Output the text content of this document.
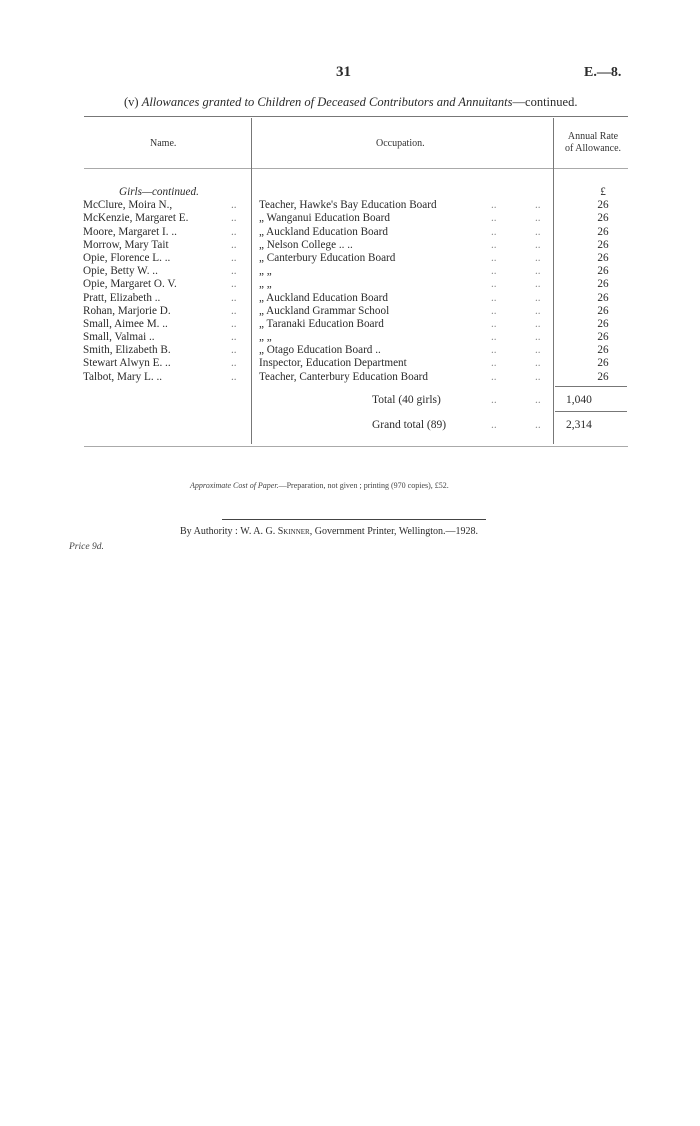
31	E.—8.
(v) Allowances granted to Children of Deceased Contributors and Annuitants—continued.
Name.	Occupation.
Annual Rate
of Allowance.
Girls—continued.	£
McClure, Moira N.,	.. Teacher, Hawke's Bay Education Board	..	..	26
McKenzie, Margaret E.	.. „ Wanganui Education Board	..	..	26
Moore, Margaret I. ..	.. „ Auckland Education Board	..	..	26
Morrow, Mary Tait	.. „ Nelson College .. ..	..	..	26
Opie, Florence L. ..	.. „ Canterbury Education Board	..	..	26
Opie, Betty W. ..	.. „ „	..	..	26
Opie, Margaret O. V.	.. „ „	..	..	26
Pratt, Elizabeth ..	.. „ Auckland Education Board	..	..	26
Rohan, Marjorie D.	.. „ Auckland Grammar School	..	..	26
Small, Aimee M. ..	.. „ Taranaki Education Board	..	..	26
Small, Valmai ..	.. „ „	..	..	26
Smith, Elizabeth B.	.. „ Otago Education Board ..	..	..	26
Stewart Alwyn E. ..	.. Inspector, Education Department	..	..	26
Talbot, Mary L. ..	.. Teacher, Canterbury Education Board	..	..	26
Total (40 girls)	..	.. 1,040
Grand total (89)	..	.. 2,314
Approximate Cost of Paper.—Preparation, not given ; printing (970 copies), £52.
By Authority : W. A. G. Skinner, Government Printer, Wellington.—1928.
Price 9d.
